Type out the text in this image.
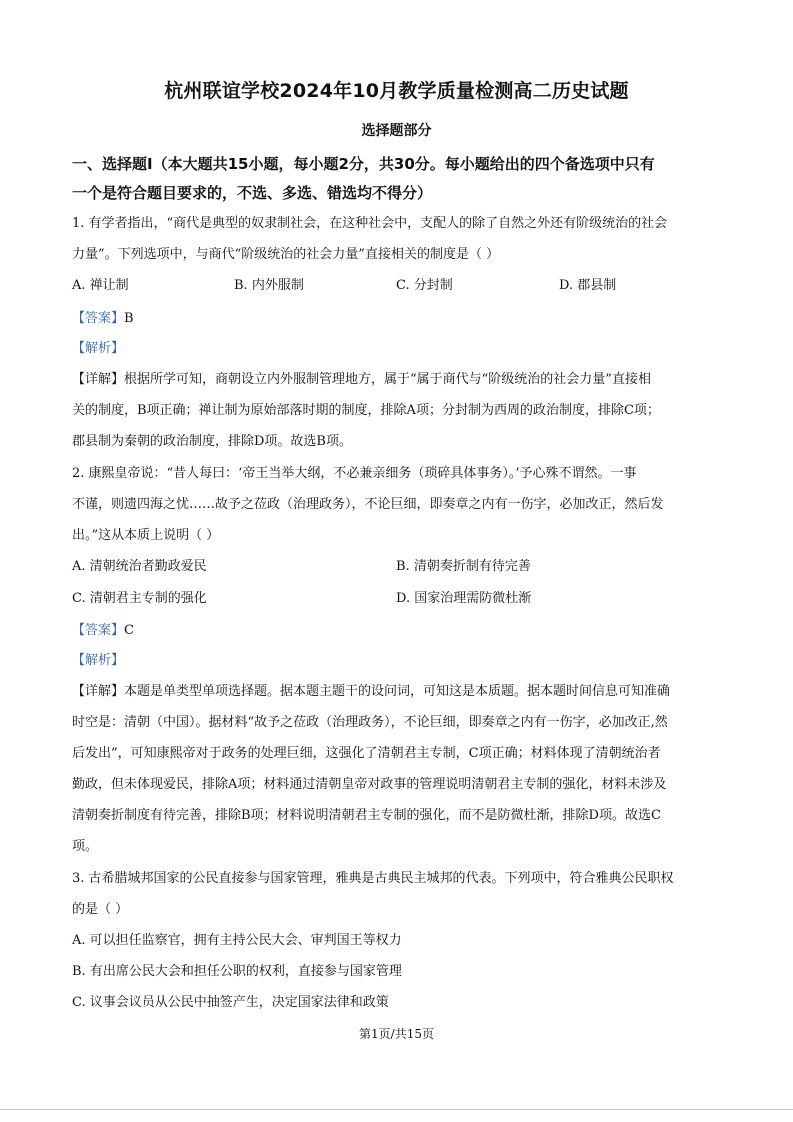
杭州联谊学校2024年10月教学质量检测高二历史试题
选择题部分
一、选择题Ⅰ（本大题共15小题，每小题2分，共30分。每小题给出的四个备选项中只有
一个是符合题目要求的，不选、多选、错选均不得分）
1. 有学者指出，“商代是典型的奴隶制社会，在这种社会中，支配人的除了自然之外还有阶级统治的社会
力量”。下列选项中，与商代“阶级统治的社会力量”直接相关的制度是（ ）
A. 禅让制	B. 内外服制	C. 分封制	D. 郡县制
【答案】B
【解析】
【详解】根据所学可知，商朝设立内外服制管理地方，属于“属于商代与“阶级统治的社会力量”直接相
关的制度，B项正确；禅让制为原始部落时期的制度，排除A项；分封制为西周的政治制度，排除C项；
郡县制为秦朝的政治制度，排除D项。故选B项。
2. 康熙皇帝说：“昔人每曰：‘帝王当举大纲，不必兼亲细务（琐碎具体事务）。’予心殊不谓然。一事
不谨，则遗四海之忧……故予之莅政（治理政务），不论巨细，即奏章之内有一伤字，必加改正，然后发
出。”这从本质上说明（ ）
A. 清朝统治者勤政爱民	B. 清朝奏折制有待完善
C. 清朝君主专制的强化	D. 国家治理需防微杜渐
【答案】C
【解析】
【详解】本题是单类型单项选择题。据本题主题干的设问词，可知这是本质题。据本题时间信息可知准确
时空是：清朝（中国）。据材料“故予之莅政（治理政务），不论巨细，即奏章之内有一伤字，必加改正,然
后发出”，可知康熙帝对于政务的处理巨细，这强化了清朝君主专制，C项正确；材料体现了清朝统治者
勤政，但未体现爱民，排除A项；材料通过清朝皇帝对政事的管理说明清朝君主专制的强化，材料未涉及
清朝奏折制度有待完善，排除B项；材料说明清朝君主专制的强化，而不是防微杜渐，排除D项。故选C
项。
3. 古希腊城邦国家的公民直接参与国家管理，雅典是古典民主城邦的代表。下列项中，符合雅典公民职权
的是（ ）
A. 可以担任监察官，拥有主持公民大会、审判国王等权力
B. 有出席公民大会和担任公职的权利，直接参与国家管理
C. 议事会议员从公民中抽签产生，决定国家法律和政策
第1页/共15页
